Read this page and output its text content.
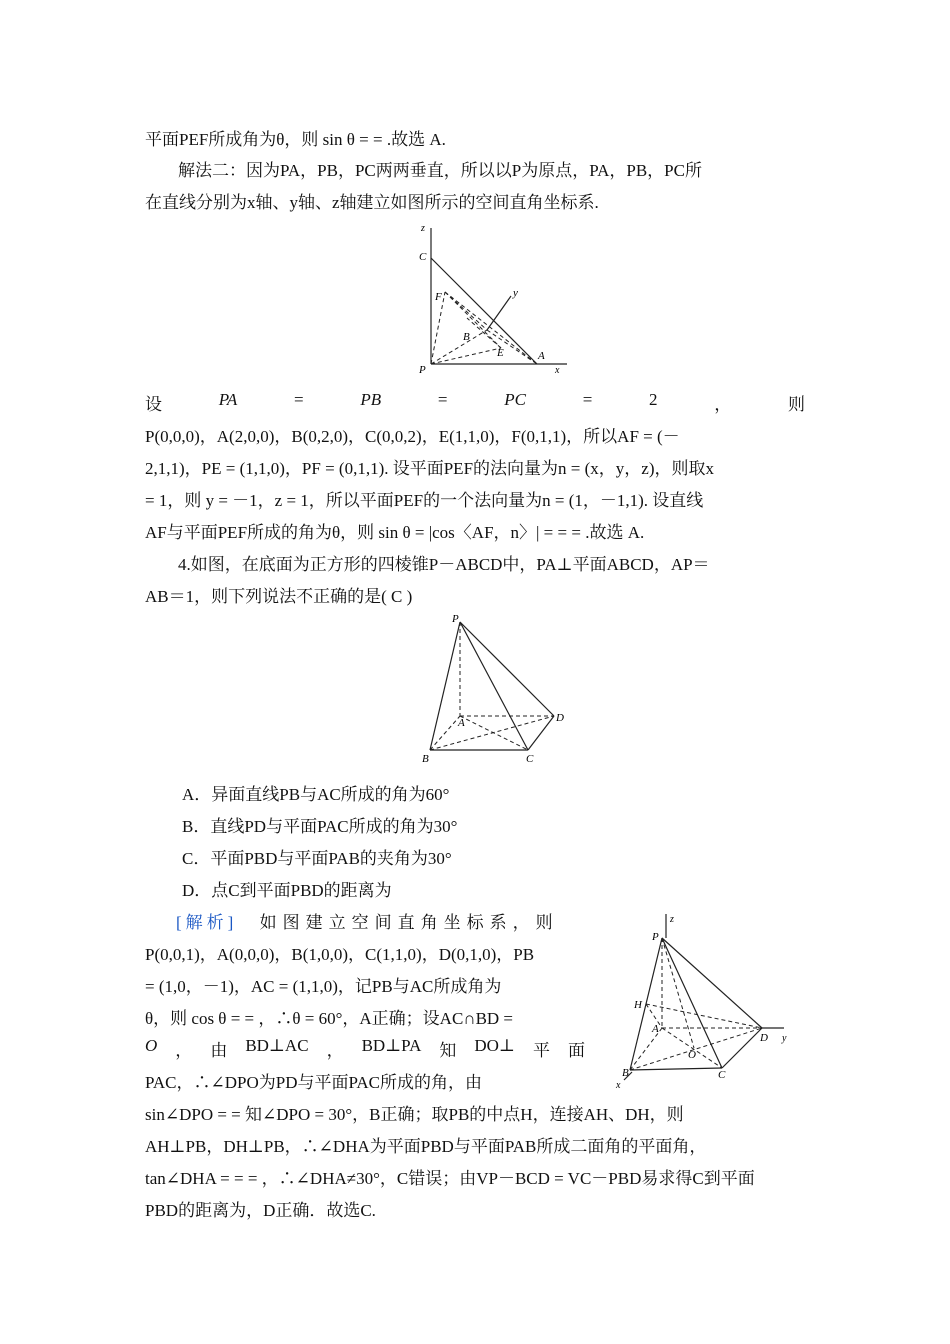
平面PEF所成角为θ，则 sin θ = = .故选 A.
解法二：因为PA，PB，PC两两垂直，所以以P为原点，PA，PB，PC所
在直线分别为x轴、y轴、z轴建立如图所示的空间直角坐标系.
z
C
F	y
B
E	A
P	x
设	PA	=	PB	=	PC	=	2	，	则
P(0,0,0)，A(2,0,0)，B(0,2,0)，C(0,0,2)，E(1,1,0)，F(0,1,1)，所以AF = (－
2,1,1)，PE = (1,1,0)，PF = (0,1,1). 设平面PEF的法向量为n = (x，y，z)，则取x
= 1，则 y = －1，z = 1，所以平面PEF的一个法向量为n = (1，－1,1). 设直线
AF与平面PEF所成的角为θ，则 sin θ = |cos〈AF，n〉| = = = .故选 A.
4.如图，在底面为正方形的四棱锥P－ABCD中，PA⊥平面ABCD，AP＝
AB＝1，则下列说法不正确的是( C )
P
A	D
B	C
A．异面直线PB与AC所成的角为60°
B．直线PD与平面PAC所成的角为30°
C．平面PBD与平面PAB的夹角为30°
D．点C到平面PBD的距离为
[解析] 如图建立空间直角坐标系，则
P(0,0,1)，A(0,0,0)，B(1,0,0)，C(1,1,0)，D(0,1,0)，PB
= (1,0，－1)，AC = (1,1,0)，记PB与AC所成角为
θ，则 cos θ = = ，∴θ = 60°，A正确；设AC∩BD =
O ， 由 BD⊥AC ， BD⊥PA 知 DO⊥ 平 面
PAC，∴∠DPO为PD与平面PAC所成的角，由
z
P
H
A
D y
O
B	C
x
sin∠DPO = = 知∠DPO = 30°，B正确；取PB的中点H，连接AH、DH，则
AH⊥PB，DH⊥PB，∴∠DHA为平面PBD与平面PAB所成二面角的平面角，
tan∠DHA = = = ，∴∠DHA≠30°，C错误；由VP－BCD = VC－PBD易求得C到平面
PBD的距离为，D正确．故选C.
